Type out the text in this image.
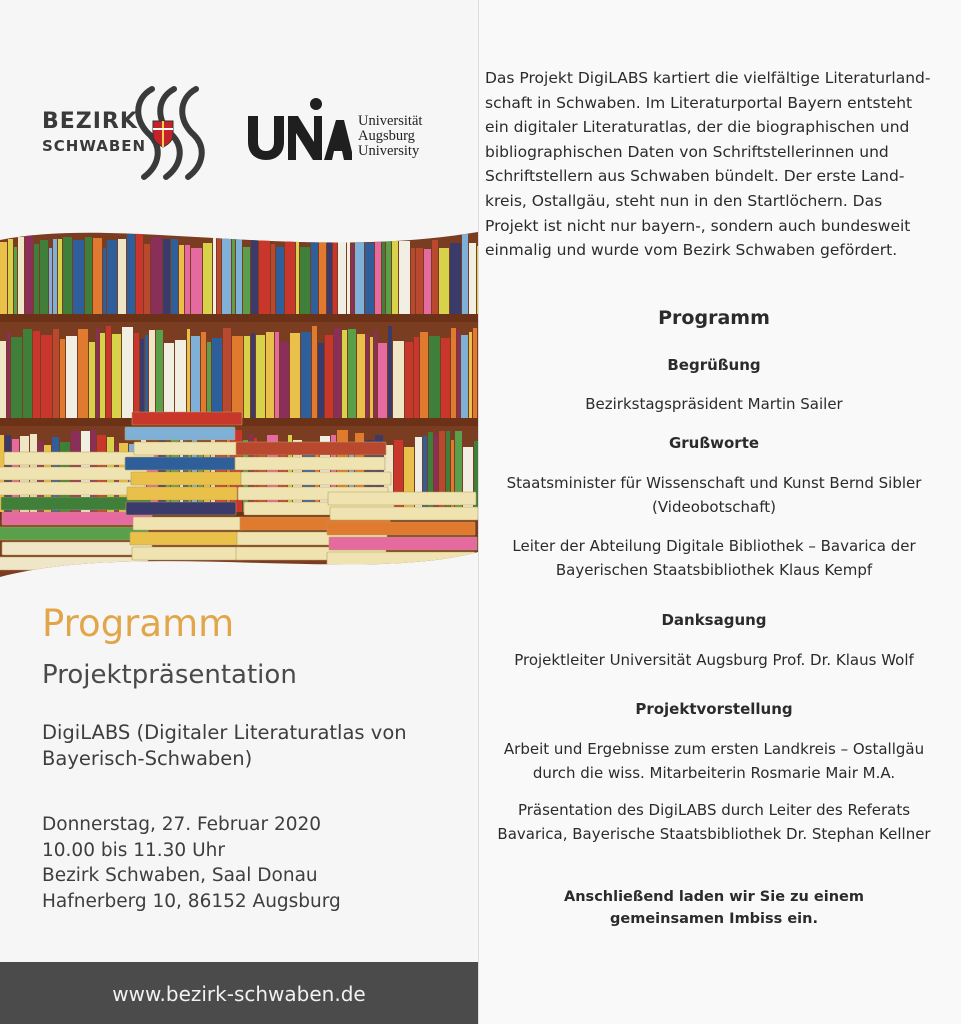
BEZIRK
SCHWABEN
Universität
Augsburg
University
Programm
Projektpräsentation
DigiLABS (Digitaler Literaturatlas von Bayerisch-Schwaben)
Donnerstag, 27. Februar 2020
10.00 bis 11.30 Uhr
Bezirk Schwaben, Saal Donau
Hafnerberg 10, 86152 Augsburg
www.bezirk-schwaben.de
Das Projekt DigiLABS kartiert die vielfältige Literaturland-
schaft in Schwaben. Im Literaturportal Bayern entsteht
ein digitaler Literaturatlas, der die biographischen und
bibliographischen Daten von Schriftstellerinnen und
Schriftstellern aus Schwaben bündelt. Der erste Land-
kreis, Ostallgäu, steht nun in den Startlöchern. Das
Projekt ist nicht nur bayern-, sondern auch bundesweit
einmalig und wurde vom Bezirk Schwaben gefördert.
Programm
Begrüßung
Bezirkstagspräsident Martin Sailer
Grußworte
Staatsminister für Wissenschaft und Kunst Bernd Sibler
(Videobotschaft)
Leiter der Abteilung Digitale Bibliothek – Bavarica der
Bayerischen Staatsbibliothek Klaus Kempf
Danksagung
Projektleiter Universität Augsburg Prof. Dr. Klaus Wolf
Projektvorstellung
Arbeit und Ergebnisse zum ersten Landkreis – Ostallgäu
durch die wiss. Mitarbeiterin Rosmarie Mair M.A.
Präsentation des DigiLABS durch Leiter des Referats
Bavarica, Bayerische Staatsbibliothek Dr. Stephan Kellner
Anschließend laden wir Sie zu einem
gemeinsamen Imbiss ein.
